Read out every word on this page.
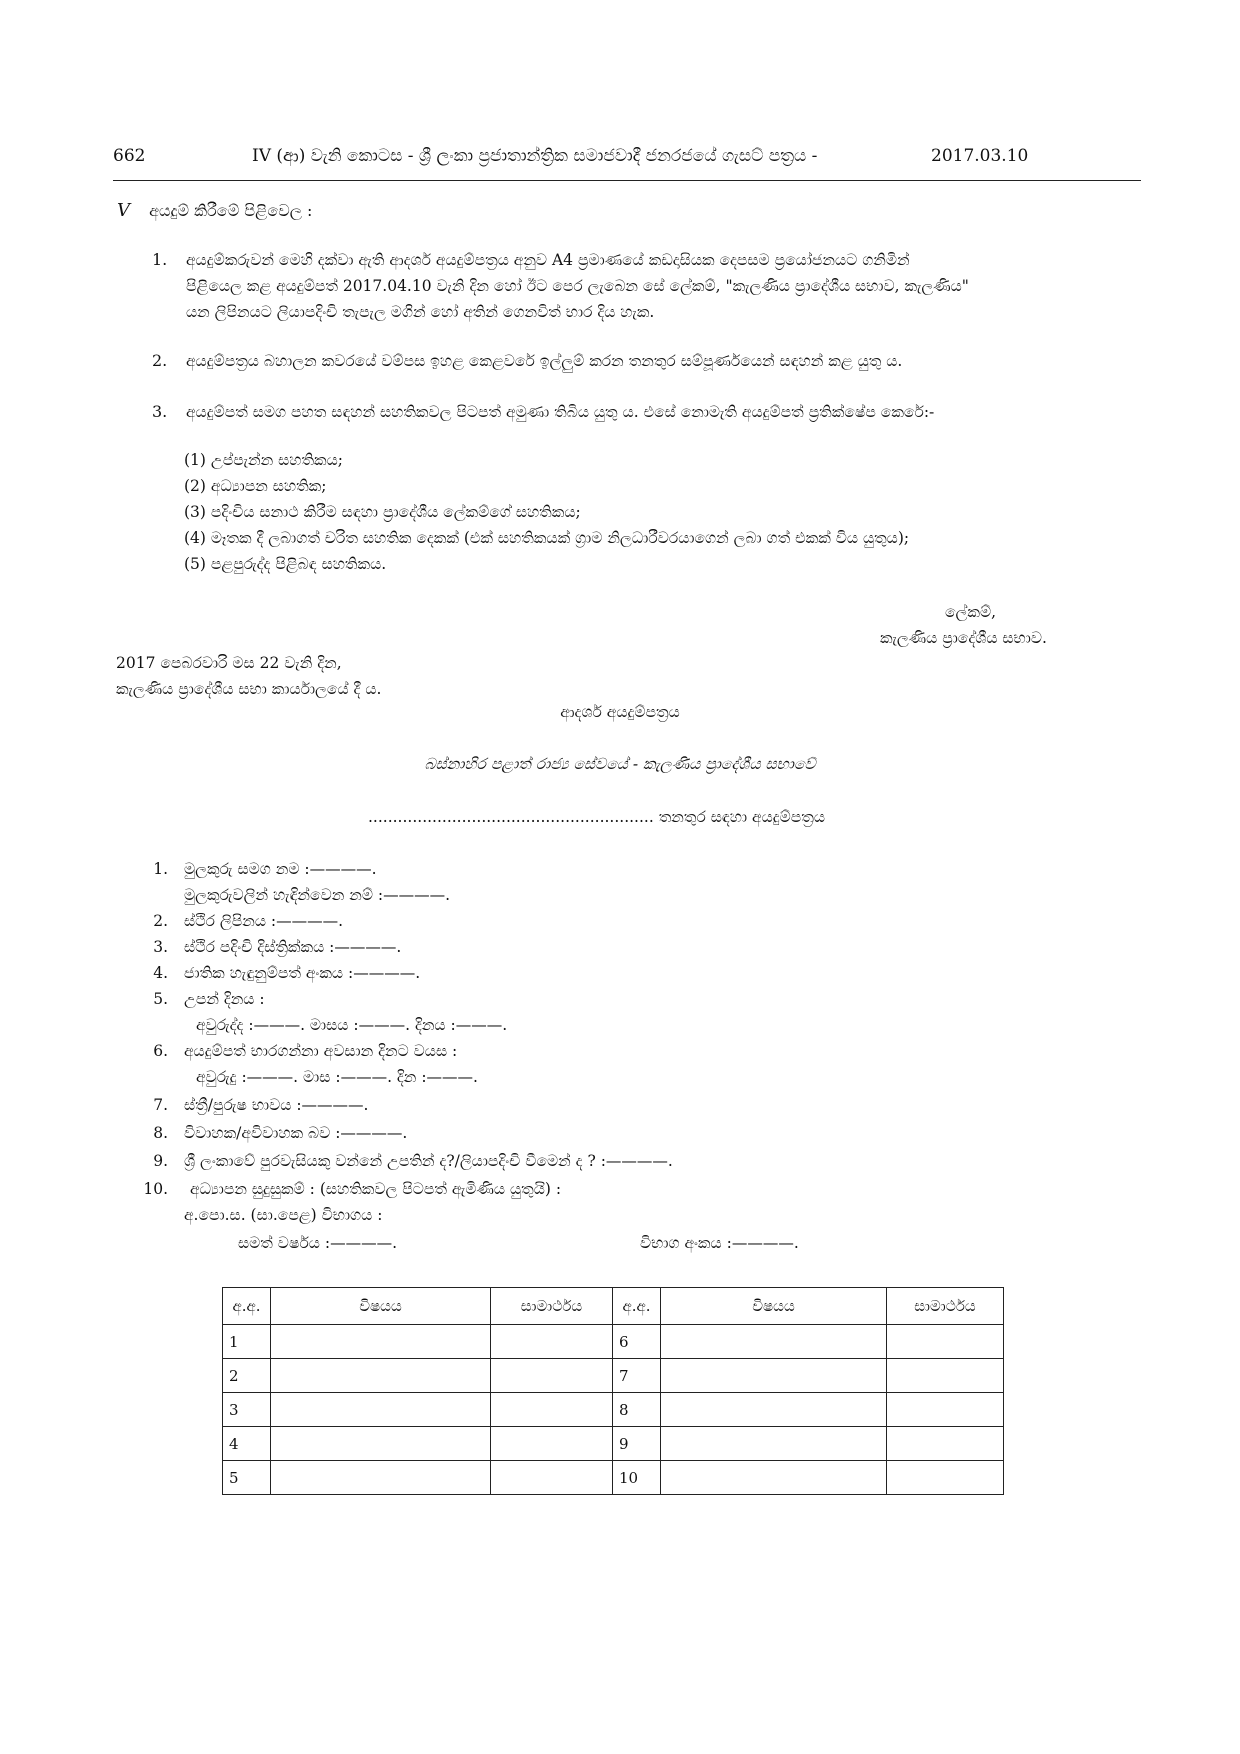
662	IV (ආ) වැනි කොටස - ශ්‍රී ලංකා ප්‍රජාතාන්ත්‍රික සමාජවාදී ජනරජයේ ගැසට් පත්‍රය -	2017.03.10
V අයදුම් කිරීමේ පිළිවෙල :
1. අයදුම්කරුවන් මෙහි දක්වා ඇති ආදර්ශ අයදුම්පත්‍රය අනුව A4 ප්‍රමාණයේ කඩදාසියක දෙපසම ප්‍රයෝජනයට ගනිමින්
පිළියෙල කළ අයදුම්පත් 2017.04.10 වැනි දින හෝ ඊට පෙර ලැබෙන සේ ලේකම්, "කැලණිය ප්‍රාදේශීය සභාව, කැලණිය"
යන ලිපිනයට ලියාපදිංචි තැපැල මගින් හෝ අතින් ගෙනවිත් භාර දිය හැක.
2. අයදුම්පත්‍රය බහාලන කවරයේ වම්පස ඉහළ කෙළවරේ ඉල්ලුම් කරන තනතුර සම්පූර්ණයෙන් සඳහන් කළ යුතු ය.
3. අයදුම්පත් සමග පහත සඳහන් සහතිකවල පිටපත් අමුණා තිබිය යුතු ය. එසේ නොමැති අයදුම්පත් ප්‍රතික්ෂේප කෙරේ:-
(1) උප්පැන්න සහතිකය;
(2) අධ්‍යාපන සහතික;
(3) පදිංචිය සනාථ කිරීම සඳහා ප්‍රාදේශීය ලේකම්ගේ සහතිකය;
(4) මෑතක දී ලබාගත් චරිත සහතික දෙකක් (එක් සහතිකයක් ග්‍රාම නිලධාරීවරයාගෙන් ලබා ගත් එකක් විය යුතුය);
(5) පළපුරුද්ද පිළිබඳ සහතිකය.
ලේකම්,
කැලණිය ප්‍රාදේශීය සභාව.
2017 පෙබරවාරි මස 22 වැනි දින,
කැලණිය ප්‍රාදේශීය සභා කාර්යාලයේ දී ය.
ආදර්ශ අයදුම්පත්‍රය
බස්නාහිර පළාත් රාජ්‍ය සේවයේ - කැලණිය ප්‍රාදේශීය සභාවේ
.......................................................... තනතුර සඳහා අයදුම්පත්‍රය
1. මුලකුරු සමග නම :————.
මුලකුරුවලින් හැඳින්වෙන නම් :————.
2. ස්ථිර ලිපිනය :————.
3. ස්ථිර පදිංචි දිස්ත්‍රික්කය :————.
4. ජාතික හැඳුනුම්පත් අංකය :————.
5. උපන් දිනය :
අවුරුද්ද :———. මාසය :———. දිනය :———.
6. අයදුම්පත් භාරගන්නා අවසාන දිනට වයස :
අවුරුදු :———. මාස :———. දින :———.
7. ස්ත්‍රී/පුරුෂ භාවය :————.
8. විවාහක/අවිවාහක බව :————.
9. ශ්‍රී ලංකාවේ පුරවැසියකු වන්නේ උපතින් ද?/ලියාපදිංචි වීමෙන් ද ? :————.
10. අධ්‍යාපන සුදුසුකම් : (සහතිකවල පිටපත් ඇමිණිය යුතුයි) :
අ.පො.ස. (සා.පෙළ) විභාගය :
සමත් වර්ෂය :————.	විභාග අංකය :————.
අ.අ.	විෂයය	සාමාර්ථය	අ.අ.	විෂයය	සාමාර්ථය
1			6		
2			7		
3			8		
4			9		
5			10		
